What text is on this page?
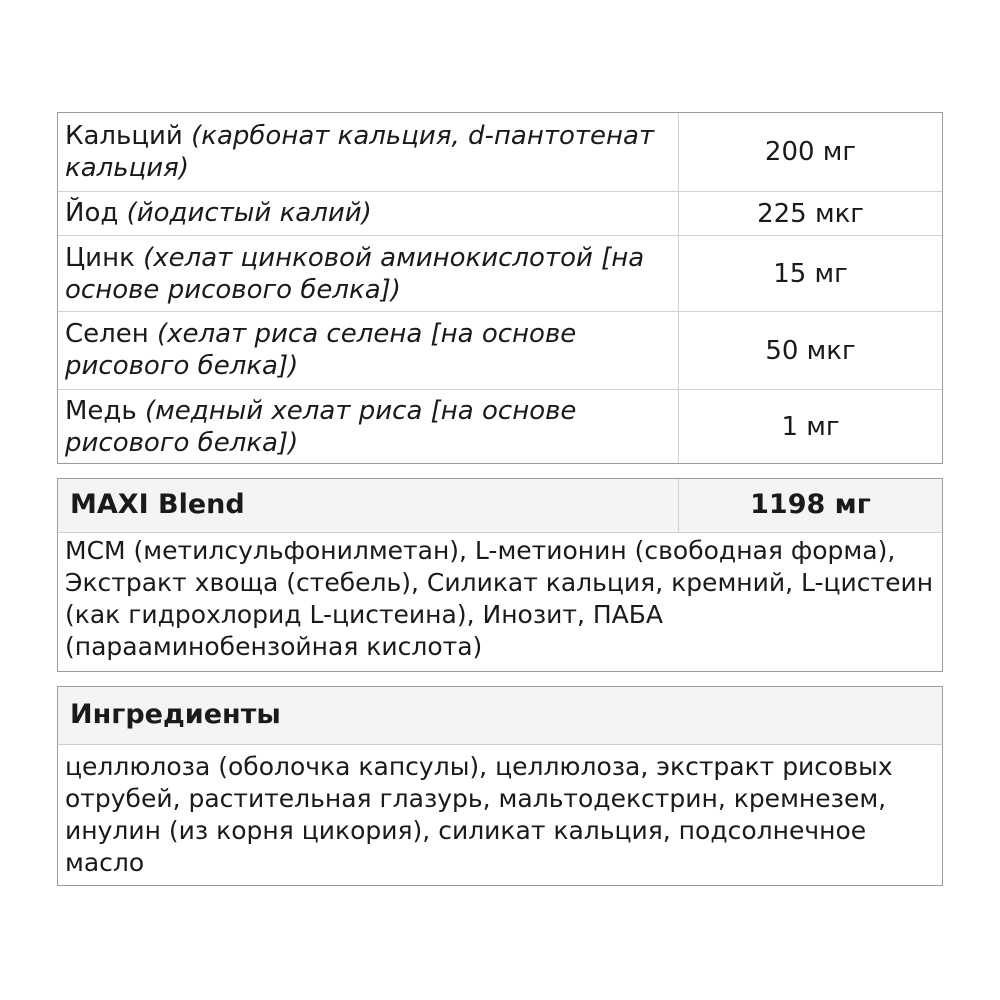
Кальций (карбонат кальция, d-пантотенат кальция)
200 мг
Йод (йодистый калий)	225 мкг
Цинк (хелат цинковой аминокислотой [на основе рисового белка])
15 мг
Селен (хелат риса селена [на основе рисового белка])
50 мкг
Медь (медный хелат риса [на основе рисового белка])
1 мг
MAXI Blend	1198 мг
МСМ (метилсульфонилметан), L-метионин (свободная форма), Экстракт хвоща (стебель), Силикат кальция, кремний, L-цистеин (как гидрохлорид L-цистеина), Инозит, ПАБА (парааминобензойная кислота)
Ингредиенты
целлюлоза (оболочка капсулы), целлюлоза, экстракт рисовых отрубей, растительная глазурь, мальтодекстрин, кремнезем, инулин (из корня цикория), силикат кальция, подсолнечное масло
